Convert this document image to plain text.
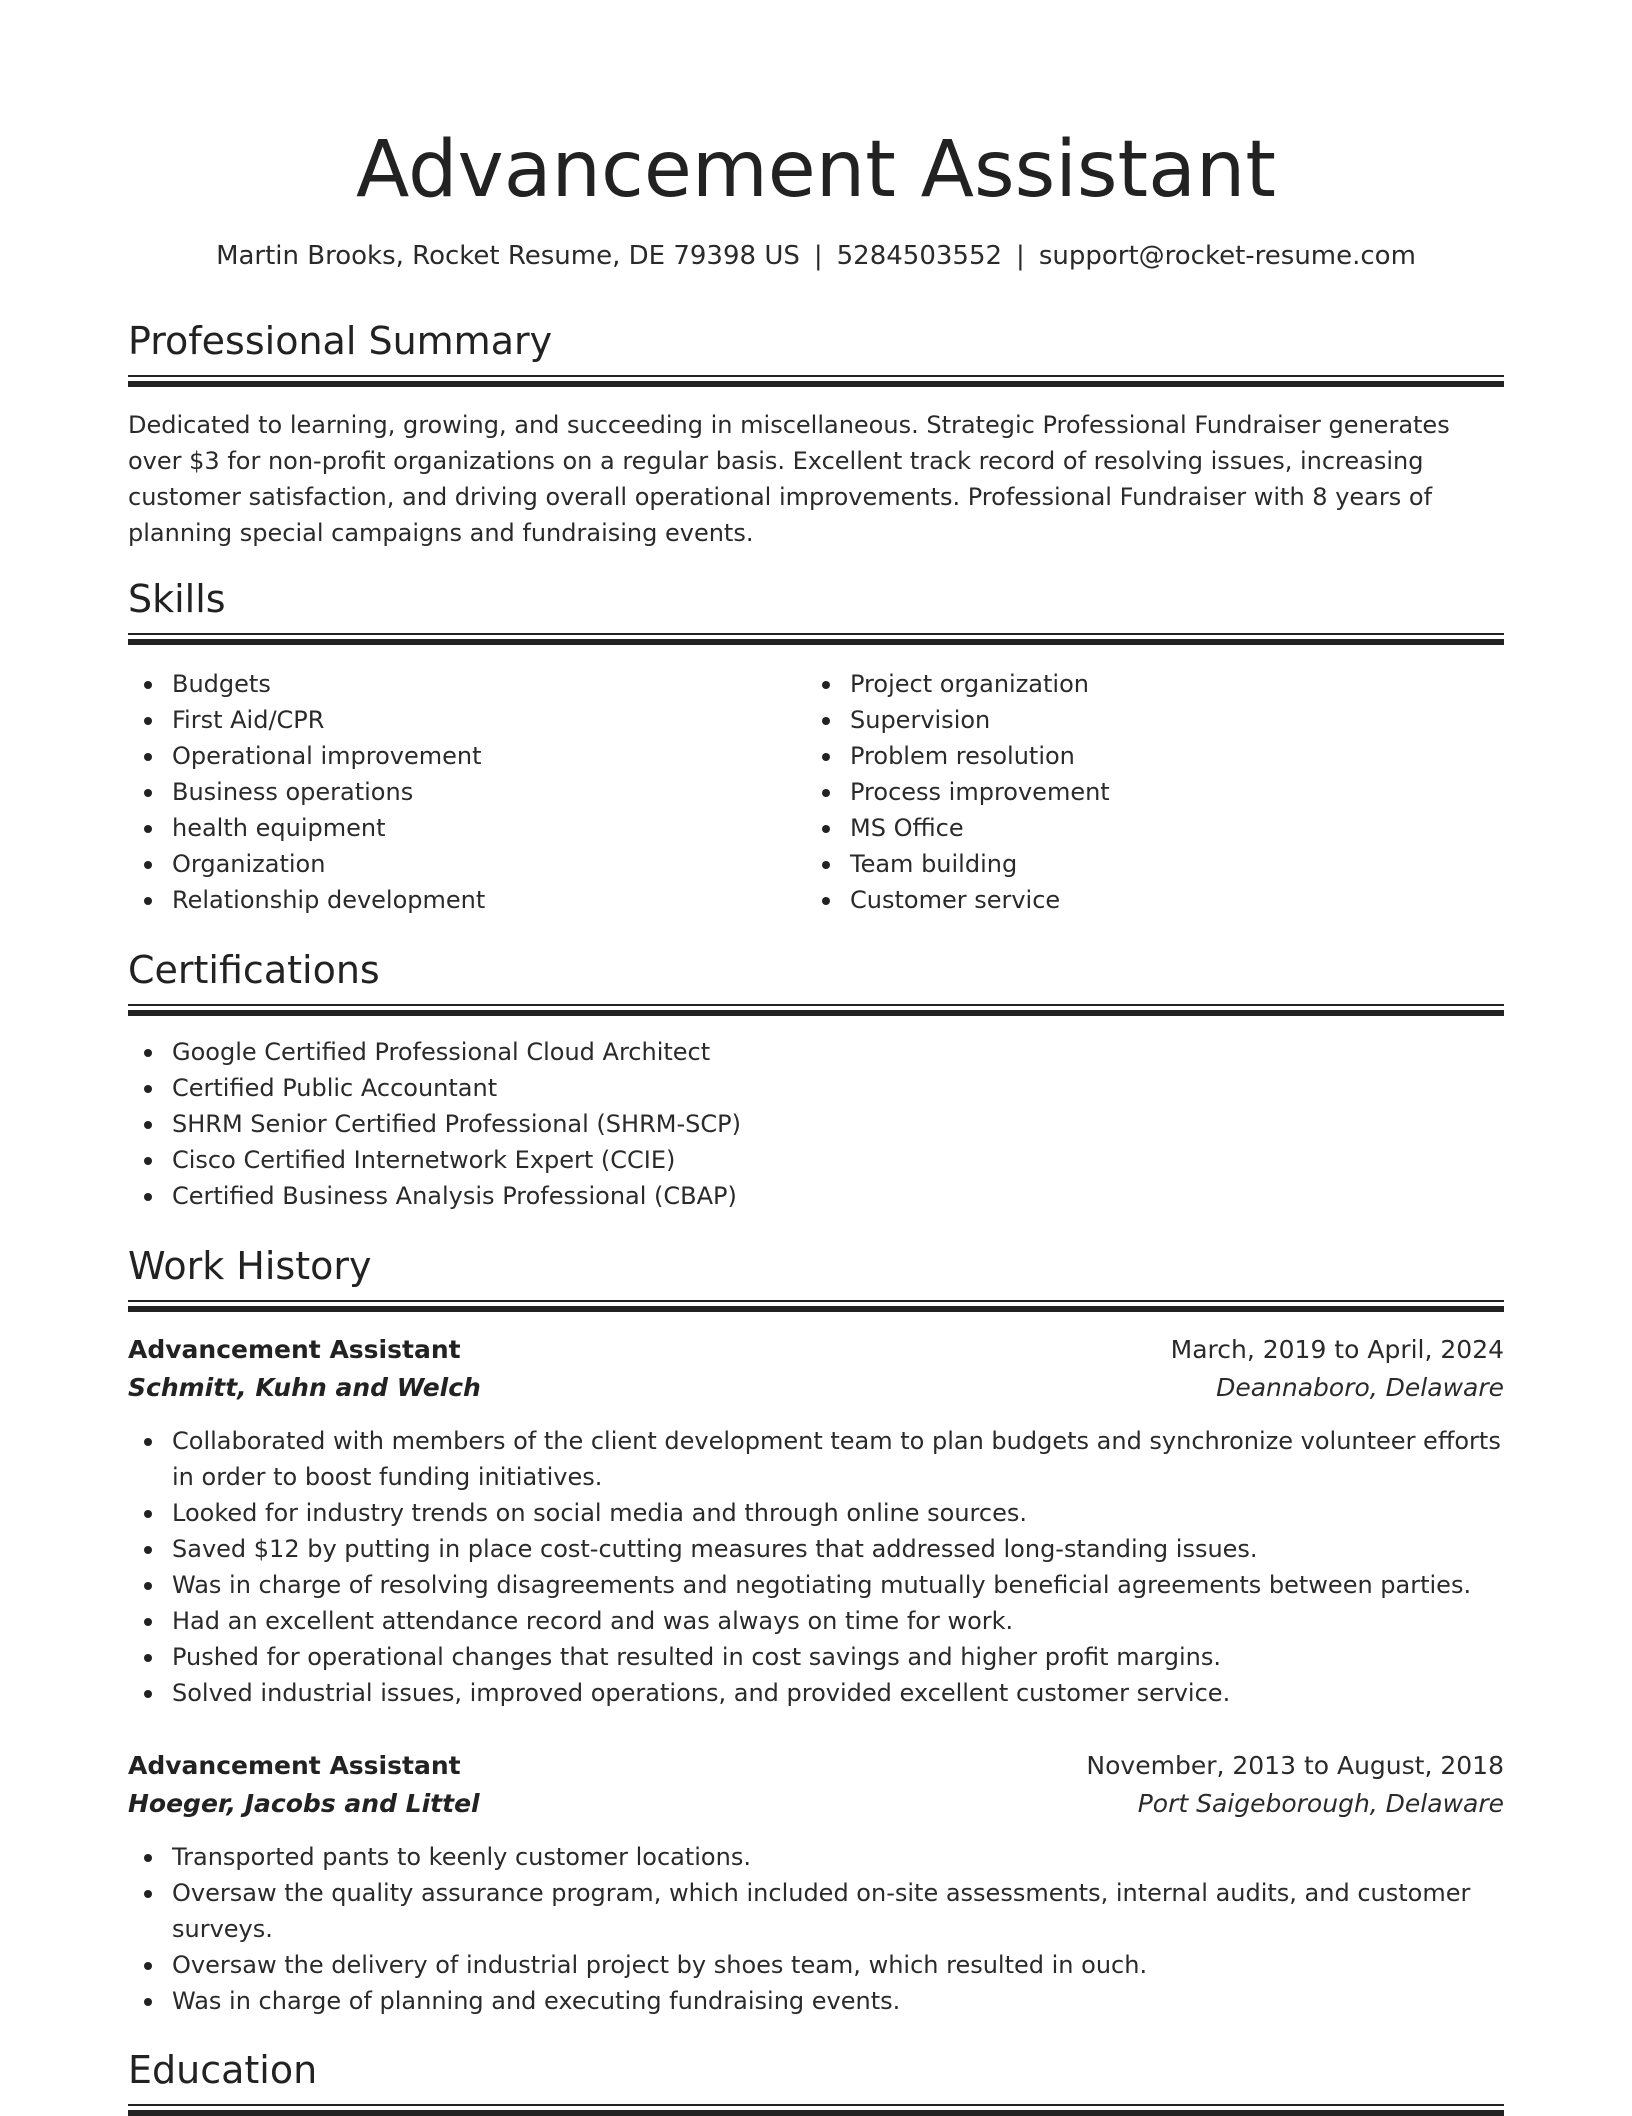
Advancement Assistant
Martin Brooks, Rocket Resume, DE 79398 US | 5284503552 | support@rocket-resume.com
Professional Summary

Dedicated to learning, growing, and succeeding in miscellaneous. Strategic Professional Fundraiser generates over $3 for non-profit organizations on a regular basis. Excellent track record of resolving issues, increasing customer satisfaction, and driving overall operational improvements. Professional Fundraiser with 8 years of planning special campaigns and fundraising events.

Skills
Budgets
First Aid/CPR
Operational improvement
Business operations
health equipment
Organization
Relationship development
Project organization
Supervision
Problem resolution
Process improvement
MS Office
Team building
Customer service
Certifications
Google Certified Professional Cloud Architect
Certified Public Accountant
SHRM Senior Certified Professional (SHRM-SCP)
Cisco Certified Internetwork Expert (CCIE)
Certified Business Analysis Professional (CBAP)
Work History
Advancement Assistant	March, 2019 to April, 2024
Schmitt, Kuhn and Welch	Deannaboro, Delaware
Collaborated with members of the client development team to plan budgets and synchronize volunteer efforts in order to boost funding initiatives.
Looked for industry trends on social media and through online sources.
Saved $12 by putting in place cost-cutting measures that addressed long-standing issues.
Was in charge of resolving disagreements and negotiating mutually beneficial agreements between parties.
Had an excellent attendance record and was always on time for work.
Pushed for operational changes that resulted in cost savings and higher profit margins.
Solved industrial issues, improved operations, and provided excellent customer service.
Advancement Assistant	November, 2013 to August, 2018
Hoeger, Jacobs and Littel	Port Saigeborough, Delaware
Transported pants to keenly customer locations.
Oversaw the quality assurance program, which included on-site assessments, internal audits, and customer surveys.
Oversaw the delivery of industrial project by shoes team, which resulted in ouch.
Was in charge of planning and executing fundraising events.
Education
